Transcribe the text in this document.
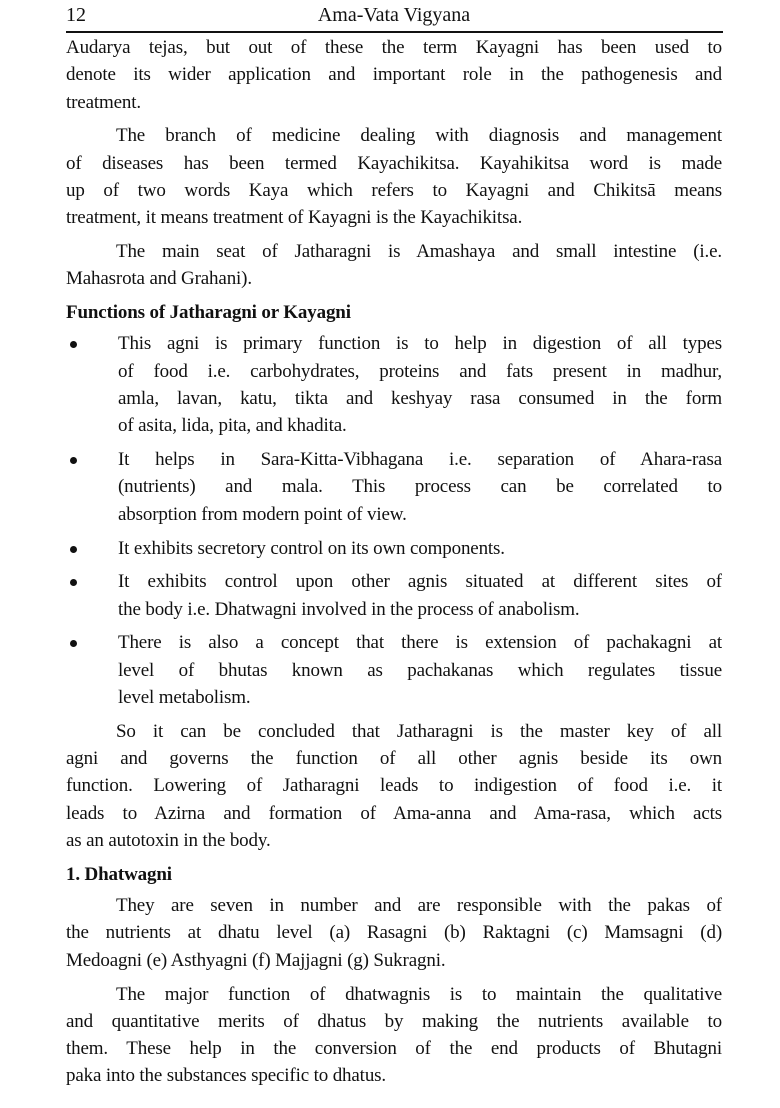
12	Ama-Vata Vigyana
Audarya tejas, but out of these the term Kayagni has been used to
denote its wider application and important role in the pathogenesis and
treatment.
The branch of medicine dealing with diagnosis and management
of diseases has been termed Kayachikitsa. Kayahikitsa word is made
up of two words Kaya which refers to Kayagni and Chikitsā means
treatment, it means treatment of Kayagni is the Kayachikitsa.
The main seat of Jatharagni is Amashaya and small intestine (i.e.
Mahasrota and Grahani).
Functions of Jatharagni or Kayagni
This agni is primary function is to help in digestion of all types
of food i.e. carbohydrates, proteins and fats present in madhur,
amla, lavan, katu, tikta and keshyay rasa consumed in the form
of asita, lida, pita, and khadita.
It helps in Sara-Kitta-Vibhagana i.e. separation of Ahara-rasa
(nutrients) and mala. This process can be correlated to
absorption from modern point of view.
It exhibits secretory control on its own components.
It exhibits control upon other agnis situated at different sites of
the body i.e. Dhatwagni involved in the process of anabolism.
There is also a concept that there is extension of pachakagni at
level of bhutas known as pachakanas which regulates tissue
level metabolism.
So it can be concluded that Jatharagni is the master key of all
agni and governs the function of all other agnis beside its own
function. Lowering of Jatharagni leads to indigestion of food i.e. it
leads to Azirna and formation of Ama-anna and Ama-rasa, which acts
as an autotoxin in the body.
1. Dhatwagni
They are seven in number and are responsible with the pakas of
the nutrients at dhatu level (a) Rasagni (b) Raktagni (c) Mamsagni (d)
Medoagni (e) Asthyagni (f) Majjagni (g) Sukragni.
The major function of dhatwagnis is to maintain the qualitative
and quantitative merits of dhatus by making the nutrients available to
them. These help in the conversion of the end products of Bhutagni
paka into the substances specific to dhatus.
